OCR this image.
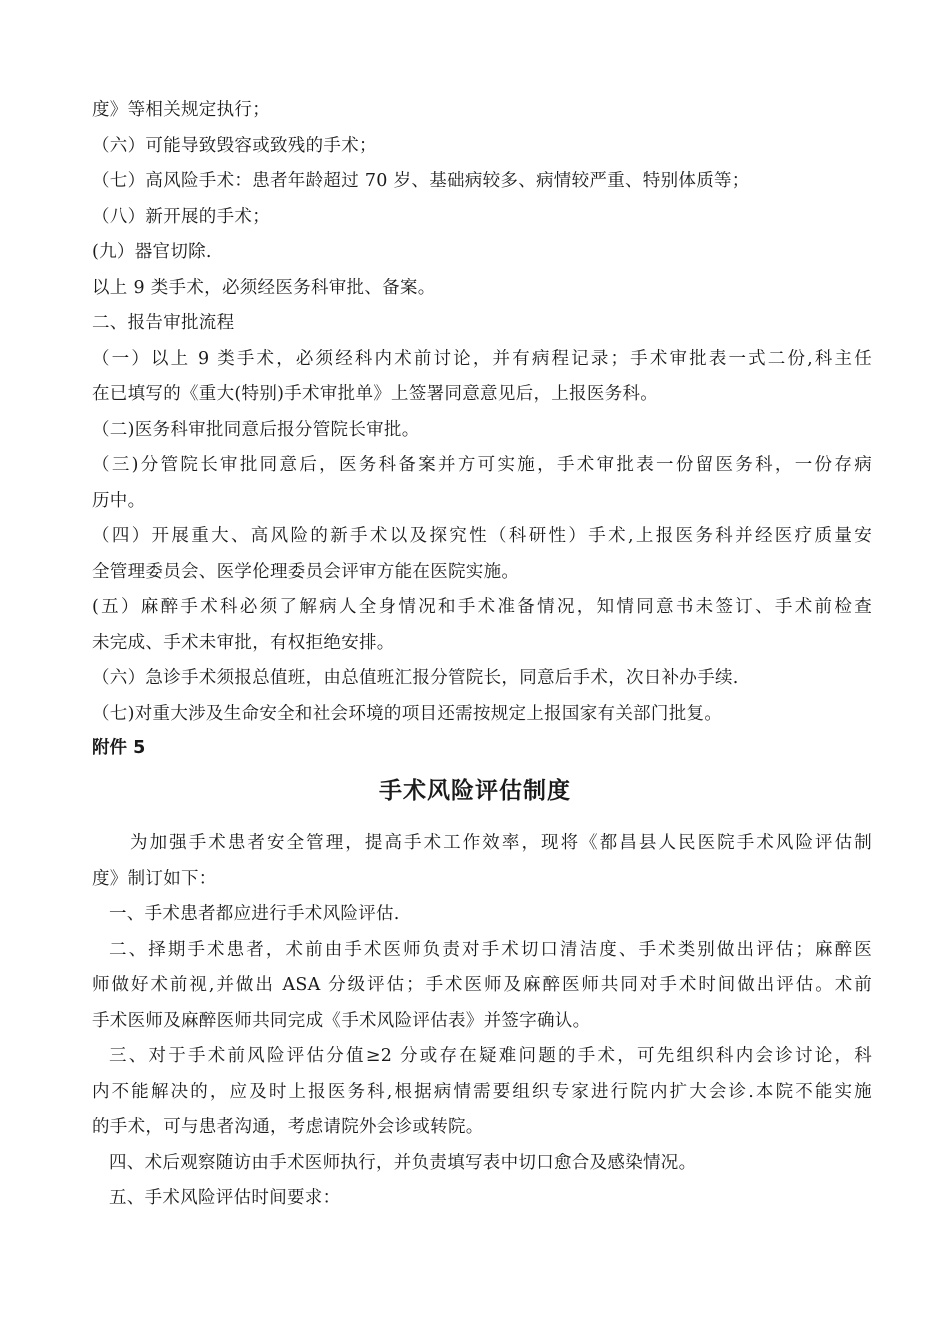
度》等相关规定执行；
（六）可能导致毁容或致残的手术；
（七）高风险手术：患者年龄超过 70 岁、基础病较多、病情较严重、特别体质等；
（八）新开展的手术；
(九）器官切除.
以上 9 类手术，必须经医务科审批、备案。
二、报告审批流程
（一）以上 9 类手术，必须经科内术前讨论，并有病程记录；手术审批表一式二份,科主任
在已填写的《重大(特别)手术审批单》上签署同意意见后，上报医务科。
（二)医务科审批同意后报分管院长审批。
（三)分管院长审批同意后，医务科备案并方可实施，手术审批表一份留医务科，一份存病
历中。
（四）开展重大、高风险的新手术以及探究性（科研性）手术,上报医务科并经医疗质量安
全管理委员会、医学伦理委员会评审方能在医院实施。
(五）麻醉手术科必须了解病人全身情况和手术准备情况，知情同意书未签订、手术前检查
未完成、手术未审批，有权拒绝安排。
（六）急诊手术须报总值班，由总值班汇报分管院长，同意后手术，次日补办手续.
（七)对重大涉及生命安全和社会环境的项目还需按规定上报国家有关部门批复。
附件 5
手术风险评估制度
为加强手术患者安全管理，提高手术工作效率，现将《都昌县人民医院手术风险评估制
度》制订如下：
一、手术患者都应进行手术风险评估.
二、择期手术患者，术前由手术医师负责对手术切口清洁度、手术类别做出评估；麻醉医
师做好术前视,并做出 ASA 分级评估；手术医师及麻醉医师共同对手术时间做出评估。术前
手术医师及麻醉医师共同完成《手术风险评估表》并签字确认。
三、对于手术前风险评估分值≥2 分或存在疑难问题的手术，可先组织科内会诊讨论，科
内不能解决的，应及时上报医务科,根据病情需要组织专家进行院内扩大会诊.本院不能实施
的手术，可与患者沟通，考虑请院外会诊或转院。
四、术后观察随访由手术医师执行，并负责填写表中切口愈合及感染情况。
五、手术风险评估时间要求：
